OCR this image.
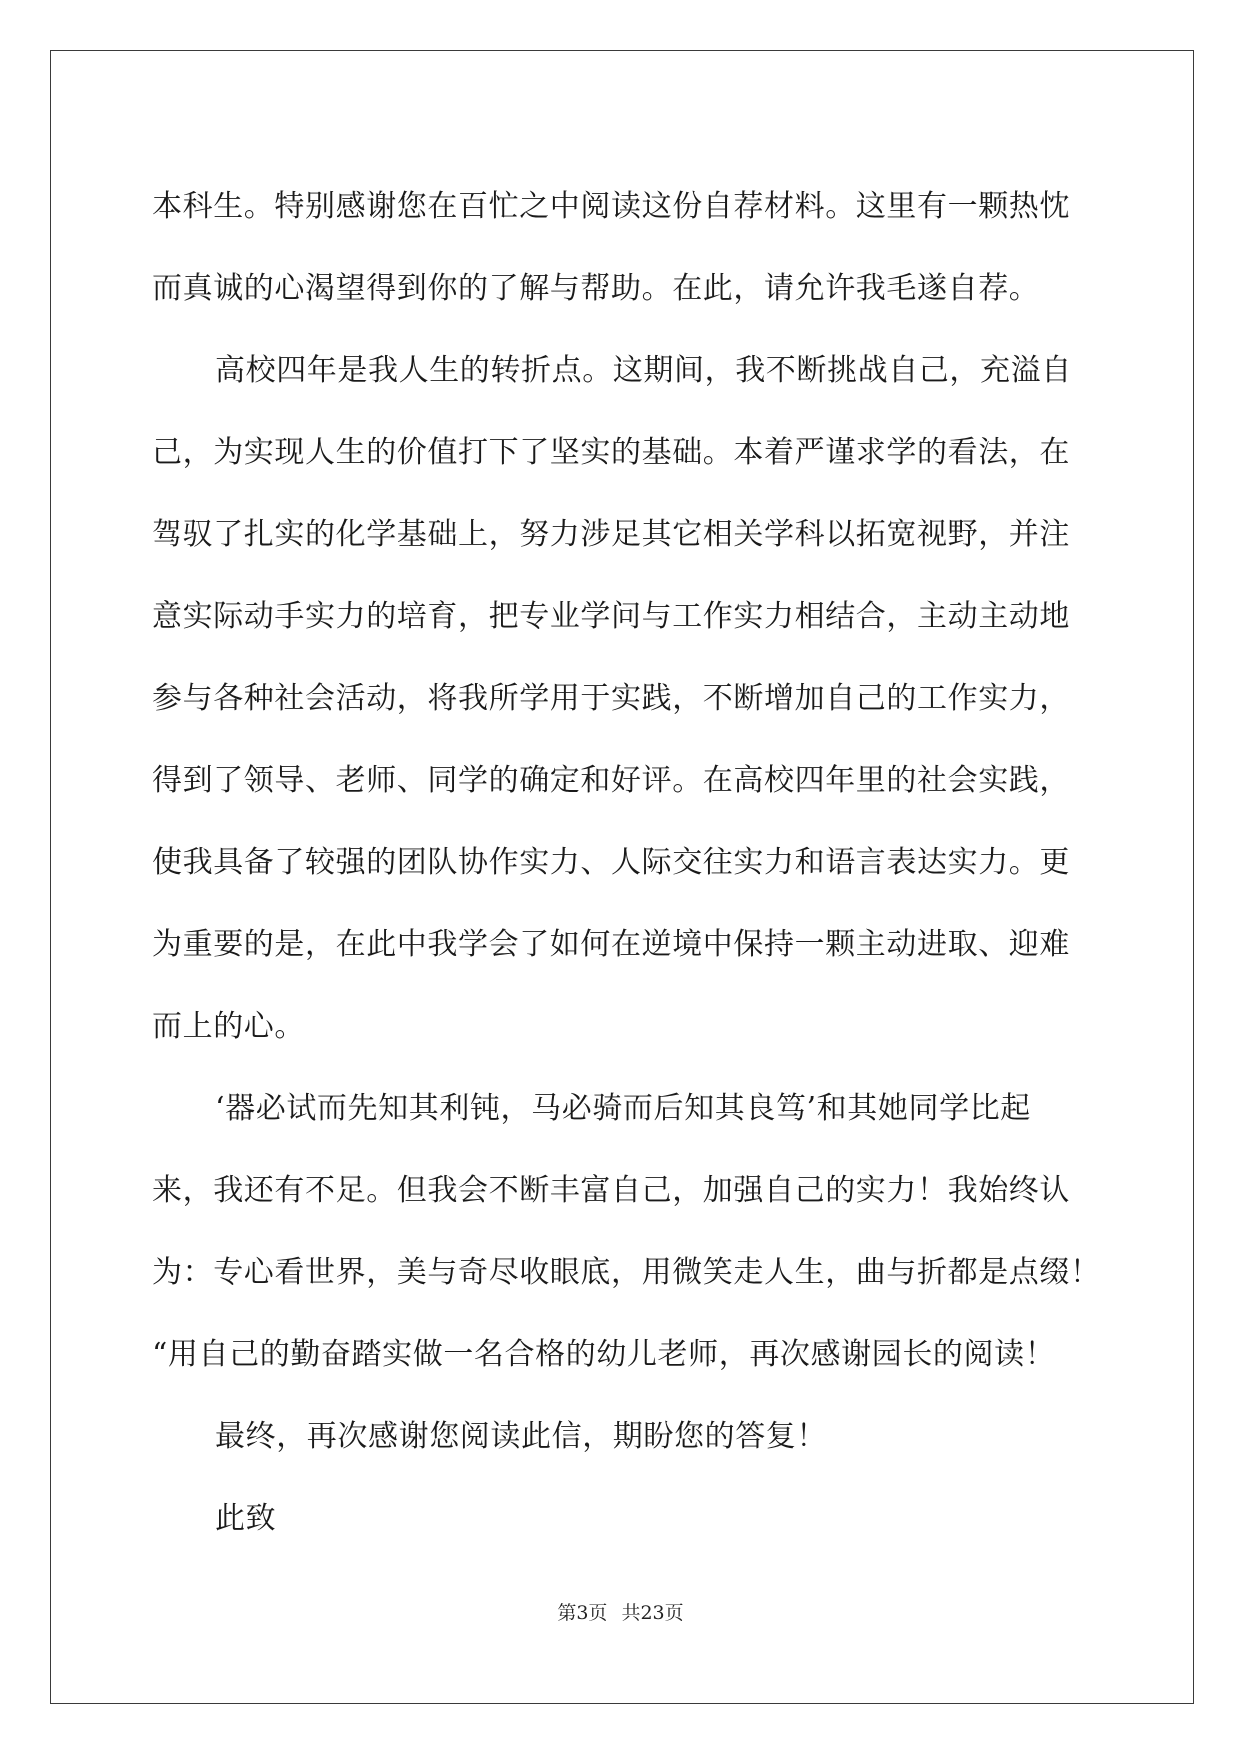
本科生。特别感谢您在百忙之中阅读这份自荐材料。这里有一颗热忱
而真诚的心渴望得到你的了解与帮助。在此，请允许我毛遂自荐。
高校四年是我人生的转折点。这期间，我不断挑战自己，充溢自
己，为实现人生的价值打下了坚实的基础。本着严谨求学的看法，在
驾驭了扎实的化学基础上，努力涉足其它相关学科以拓宽视野，并注
意实际动手实力的培育，把专业学问与工作实力相结合，主动主动地
参与各种社会活动，将我所学用于实践，不断增加自己的工作实力，
得到了领导、老师、同学的确定和好评。在高校四年里的社会实践，
使我具备了较强的团队协作实力、人际交往实力和语言表达实力。更
为重要的是，在此中我学会了如何在逆境中保持一颗主动进取、迎难
而上的心。
‘器必试而先知其利钝，马必骑而后知其良笃’和其她同学比起
来，我还有不足。但我会不断丰富自己，加强自己的实力！我始终认
为：专心看世界，美与奇尽收眼底，用微笑走人生，曲与折都是点缀！
“用自己的勤奋踏实做一名合格的幼儿老师，再次感谢园长的阅读！
最终，再次感谢您阅读此信，期盼您的答复！
此致
第3页 共23页
